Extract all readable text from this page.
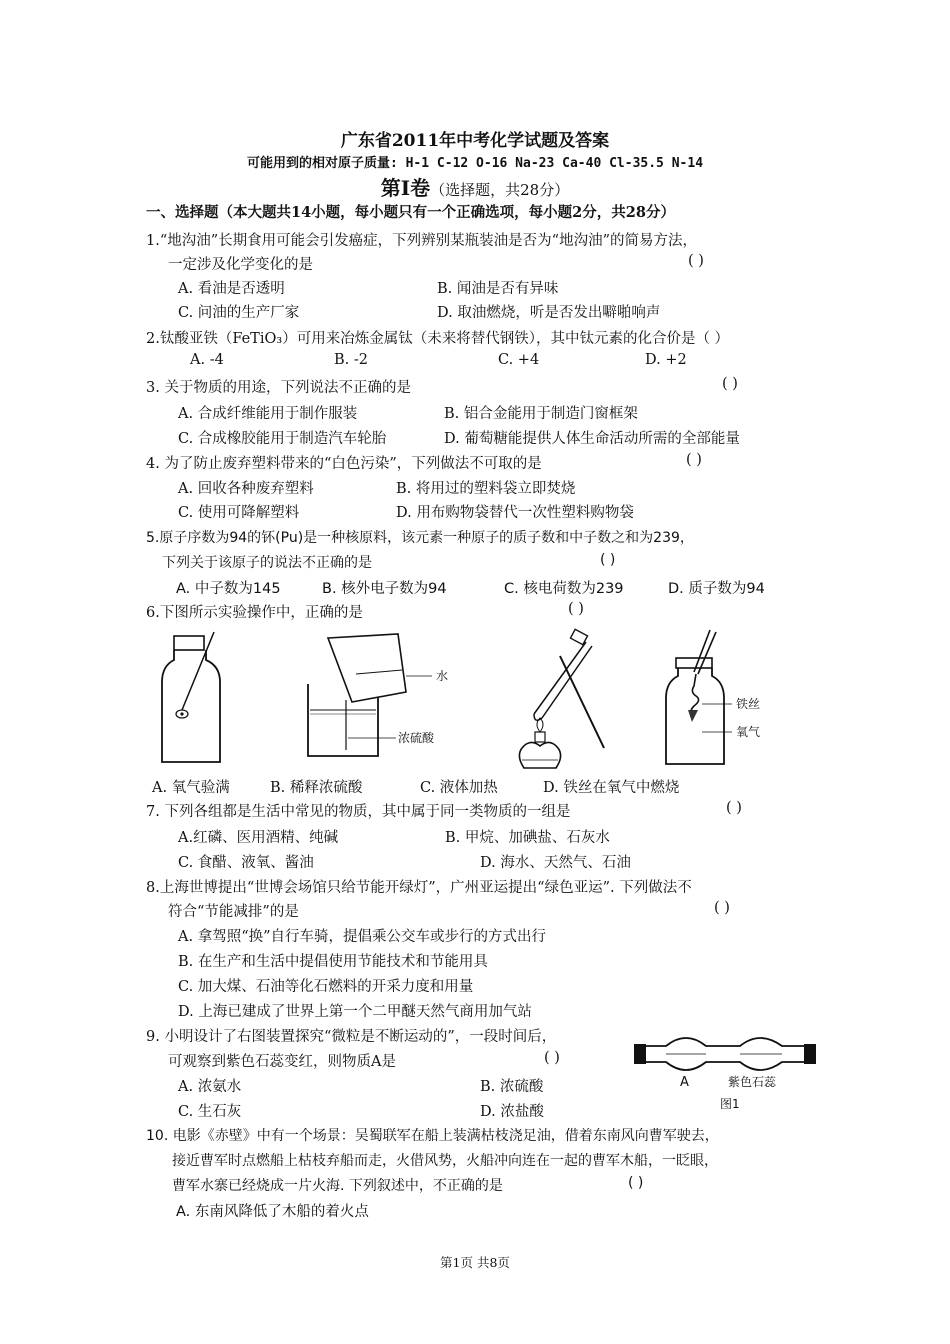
广东省2011年中考化学试题及答案
可能用到的相对原子质量: H-1 C-12 O-16 Na-23 Ca-40 Cl-35.5 N-14
第Ⅰ卷（选择题，共28分）
一、选择题（本大题共14小题，每小题只有一个正确选项，每小题2分，共28分）
1.“地沟油”长期食用可能会引发癌症，下列辨别某瓶装油是否为“地沟油”的简易方法，
一定涉及化学变化的是	( )
A. 看油是否透明	B. 闻油是否有异味
C. 问油的生产厂家	D. 取油燃烧，听是否发出噼啪响声
2.钛酸亚铁（FeTiO₃）可用来冶炼金属钛（未来将替代钢铁），其中钛元素的化合价是（ ）
A. -4	B. -2	C. +4	D. +2
3. 关于物质的用途，下列说法不正确的是	( )
A. 合成纤维能用于制作服装	B. 铝合金能用于制造门窗框架
C. 合成橡胶能用于制造汽车轮胎	D. 葡萄糖能提供人体生命活动所需的全部能量
4. 为了防止废弃塑料带来的“白色污染”，下列做法不可取的是	( )
A. 回收各种废弃塑料	B. 将用过的塑料袋立即焚烧
C. 使用可降解塑料	D. 用布购物袋替代一次性塑料购物袋
5.原子序数为94的钚(Pu)是一种核原料，该元素一种原子的质子数和中子数之和为239，
下列关于该原子的说法不正确的是	( )
A. 中子数为145	B. 核外电子数为94	C. 核电荷数为239	D. 质子数为94
6.下图所示实验操作中，正确的是	( )
水
浓硫酸
铁丝
氧气
A. 氧气验满	B. 稀释浓硫酸	C. 液体加热	D. 铁丝在氧气中燃烧
7. 下列各组都是生活中常见的物质，其中属于同一类物质的一组是	( )
A.红磷、医用酒精、纯碱	B. 甲烷、加碘盐、石灰水
C. 食醋、液氧、酱油	D. 海水、天然气、石油
8.上海世博提出“世博会场馆只给节能开绿灯”，广州亚运提出“绿色亚运”. 下列做法不
符合“节能减排”的是	( )
A. 拿驾照“换”自行车骑，提倡乘公交车或步行的方式出行
B. 在生产和生活中提倡使用节能技术和节能用具
C. 加大煤、石油等化石燃料的开采力度和用量
D. 上海已建成了世界上第一个二甲醚天然气商用加气站
9. 小明设计了右图装置探究“微粒是不断运动的”，一段时间后，
可观察到紫色石蕊变红，则物质A是	( )
A. 浓氨水	B. 浓硫酸
C. 生石灰	D. 浓盐酸
A	紫色石蕊
图1
10. 电影《赤壁》中有一个场景：吴蜀联军在船上装满枯枝浇足油，借着东南风向曹军驶去，
接近曹军时点燃船上枯枝弃船而走，火借风势，火船冲向连在一起的曹军木船，一眨眼，
曹军水寨已经烧成一片火海. 下列叙述中，不正确的是	( )
A. 东南风降低了木船的着火点
第1页 共8页
